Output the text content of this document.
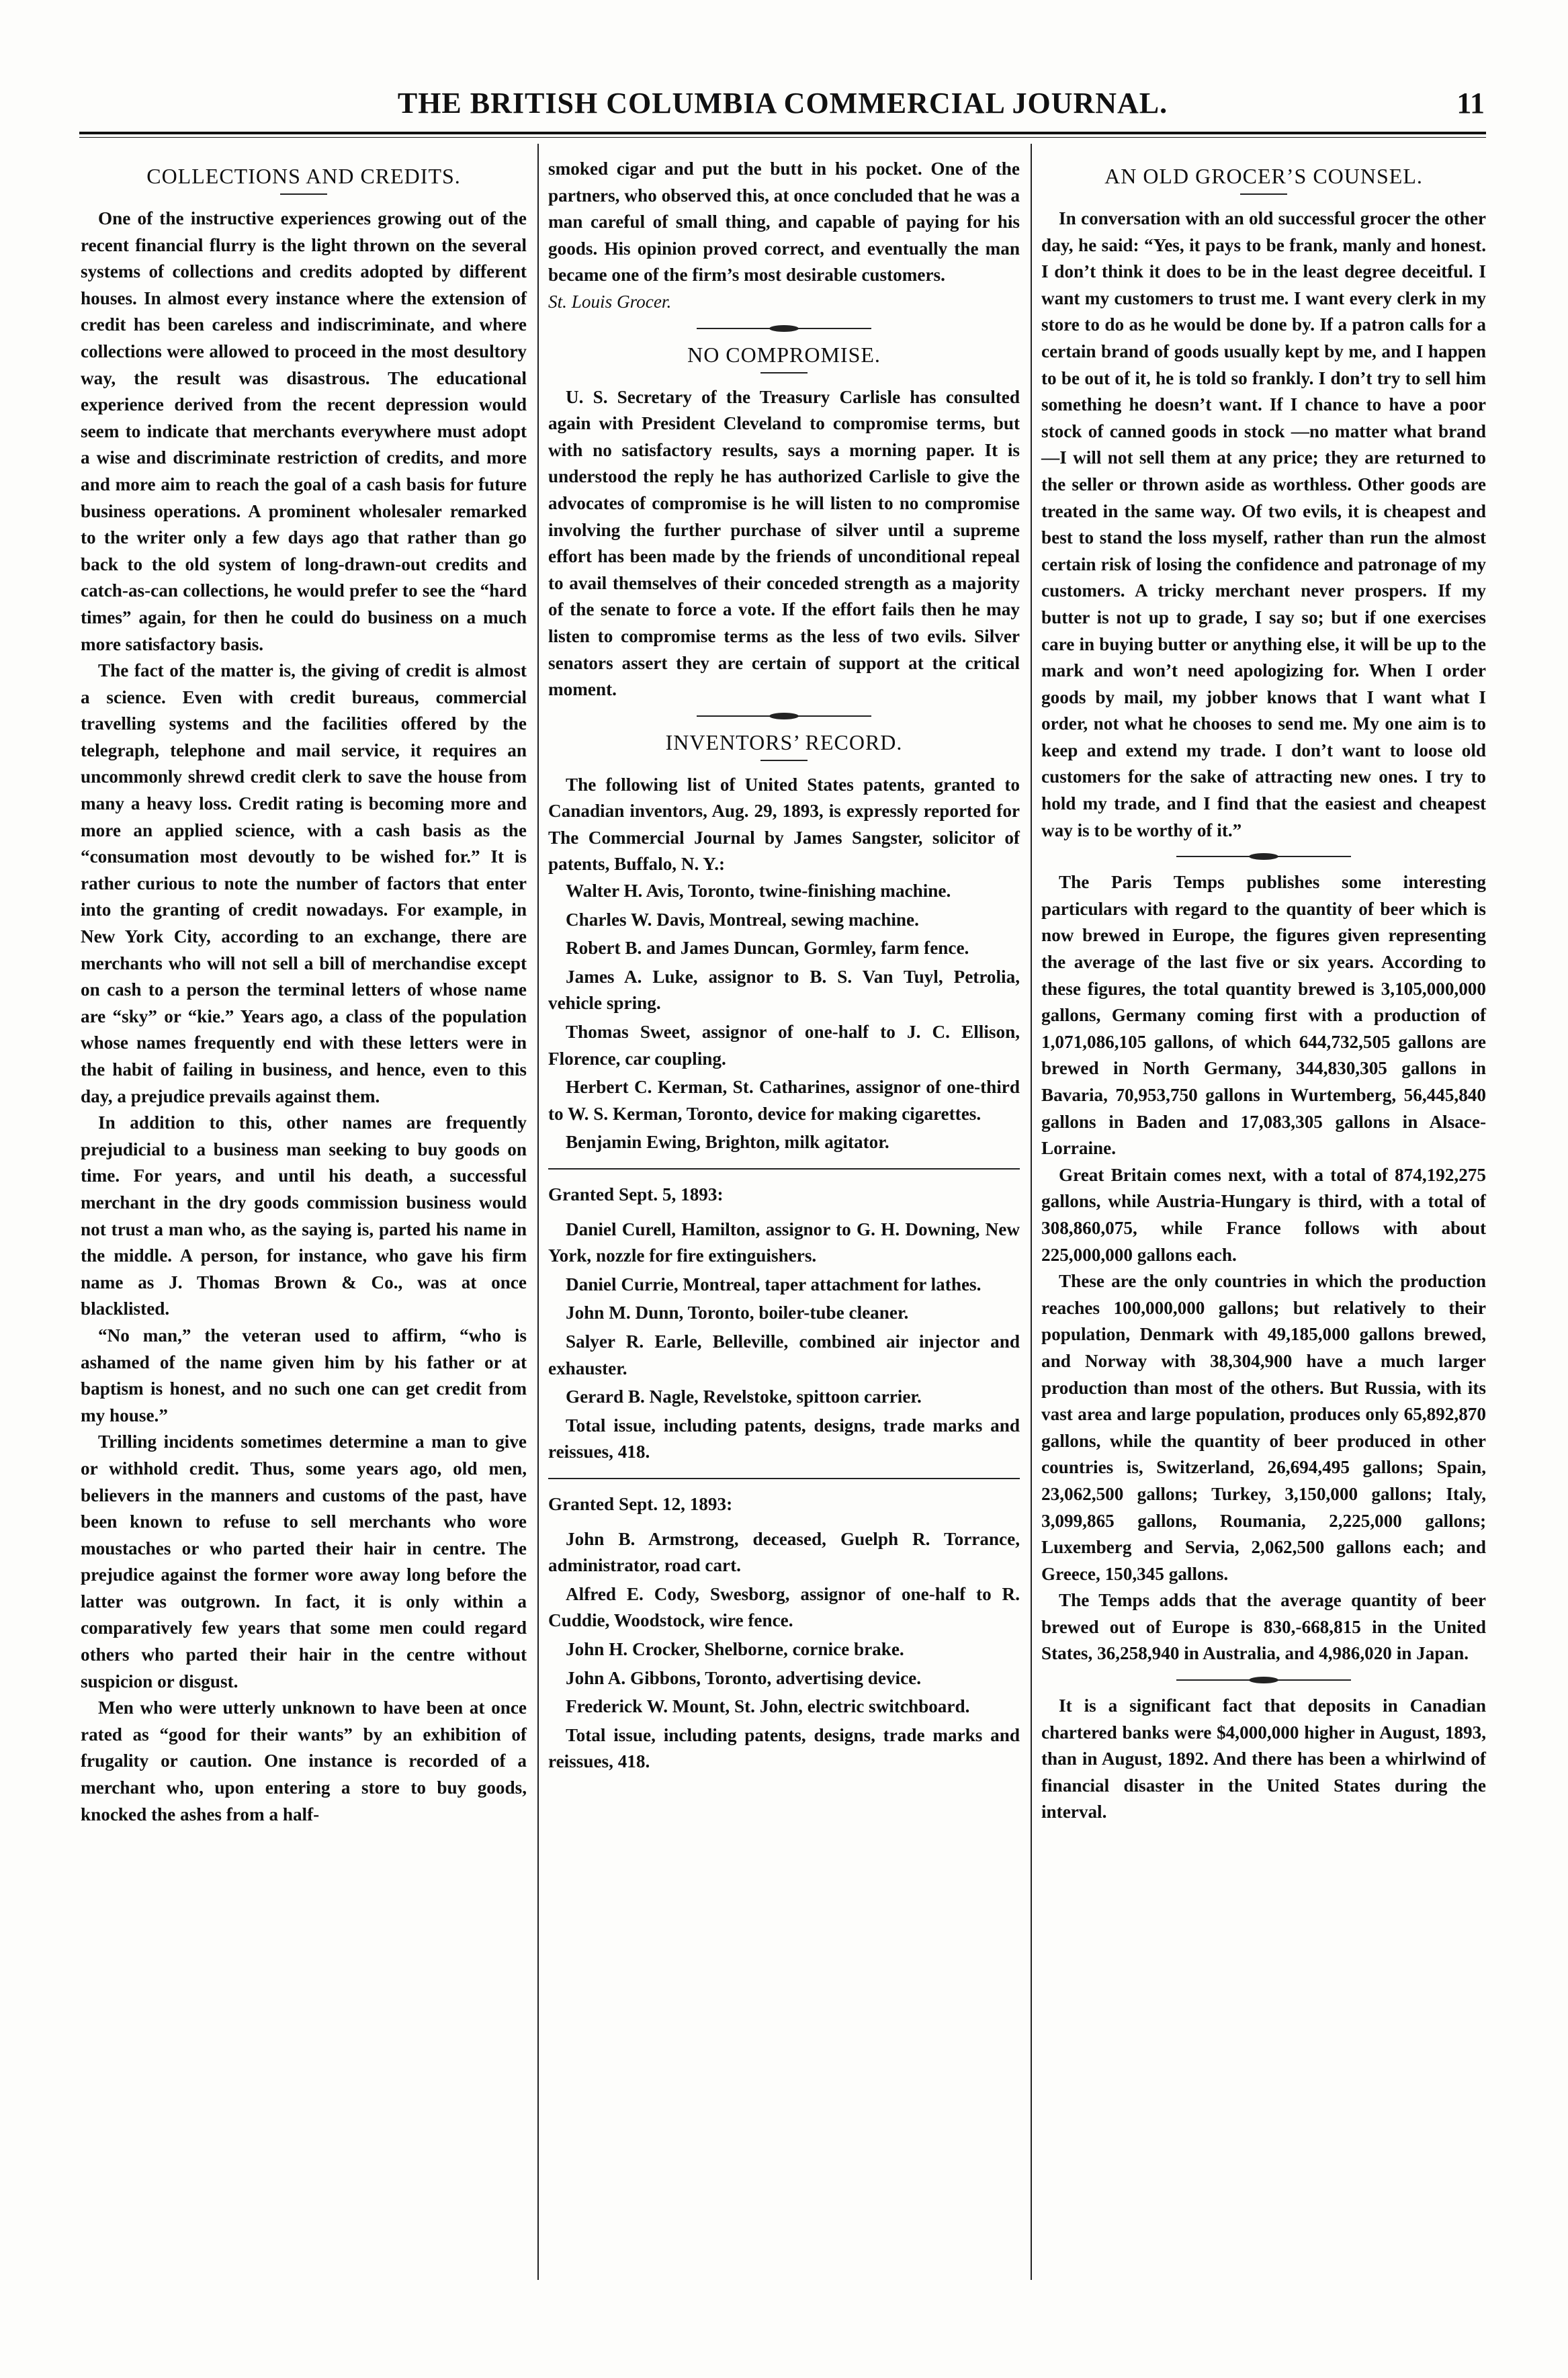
THE BRITISH COLUMBIA COMMERCIAL JOURNAL.	11
COLLECTIONS AND CREDITS.

One of the instructive experiences growing out of the recent financial flurry is the light thrown on the several systems of collections and credits adopted by different houses. In almost every instance where the extension of credit has been careless and indiscriminate, and where collections were allowed to proceed in the most desultory way, the result was disastrous. The educational experience derived from the recent depression would seem to indicate that merchants everywhere must adopt a wise and discriminate restriction of credits, and more and more aim to reach the goal of a cash basis for future business operations. A prominent wholesaler remarked to the writer only a few days ago that rather than go back to the old system of long-drawn-out credits and catch-as-can collections, he would prefer to see the “hard times” again, for then he could do business on a much more satisfactory basis.

The fact of the matter is, the giving of credit is almost a science. Even with credit bureaus, commercial travelling systems and the facilities offered by the telegraph, telephone and mail service, it requires an uncommonly shrewd credit clerk to save the house from many a heavy loss. Credit rating is becoming more and more an applied science, with a cash basis as the “consumation most devoutly to be wished for.” It is rather curious to note the number of factors that enter into the granting of credit nowadays. For example, in New York City, according to an exchange, there are merchants who will not sell a bill of merchandise except on cash to a person the terminal letters of whose name are “sky” or “kie.” Years ago, a class of the population whose names frequently end with these letters were in the habit of failing in business, and hence, even to this day, a prejudice prevails against them.

In addition to this, other names are frequently prejudicial to a business man seeking to buy goods on time. For years, and until his death, a successful merchant in the dry goods commission business would not trust a man who, as the saying is, parted his name in the middle. A person, for instance, who gave his firm name as J. Thomas Brown & Co., was at once blacklisted.

“No man,” the veteran used to affirm, “who is ashamed of the name given him by his father or at baptism is honest, and no such one can get credit from my house.”

Trilling incidents sometimes determine a man to give or withhold credit. Thus, some years ago, old men, believers in the manners and customs of the past, have been known to refuse to sell merchants who wore moustaches or who parted their hair in centre. The prejudice against the former wore away long before the latter was outgrown. In fact, it is only within a comparatively few years that some men could regard others who parted their hair in the centre without suspicion or disgust.

Men who were utterly unknown to have been at once rated as “good for their wants” by an exhibition of frugality or caution. One instance is recorded of a merchant who, upon entering a store to buy goods, knocked the ashes from a half-

smoked cigar and put the butt in his pocket. One of the partners, who observed this, at once concluded that he was a man careful of small thing, and capable of paying for his goods. His opinion proved correct, and eventually the man became one of the firm’s most desirable customers.

St. Louis Grocer.

NO COMPROMISE.

U. S. Secretary of the Treasury Carlisle has consulted again with President Cleveland to compromise terms, but with no satisfactory results, says a morning paper. It is understood the reply he has authorized Carlisle to give the advocates of compromise is he will listen to no compromise involving the further purchase of silver until a supreme effort has been made by the friends of unconditional repeal to avail themselves of their conceded strength as a majority of the senate to force a vote. If the effort fails then he may listen to compromise terms as the less of two evils. Silver senators assert they are certain of support at the critical moment.

INVENTORS’ RECORD.

The following list of United States patents, granted to Canadian inventors, Aug. 29, 1893, is expressly reported for The Commercial Journal by James Sangster, solicitor of patents, Buffalo, N. Y.:

Walter H. Avis, Toronto, twine-finishing machine.

Charles W. Davis, Montreal, sewing machine.

Robert B. and James Duncan, Gormley, farm fence.

James A. Luke, assignor to B. S. Van Tuyl, Petrolia, vehicle spring.

Thomas Sweet, assignor of one-half to J. C. Ellison, Florence, car coupling.

Herbert C. Kerman, St. Catharines, assignor of one-third to W. S. Kerman, Toronto, device for making cigarettes.

Benjamin Ewing, Brighton, milk agitator.

Granted Sept. 5, 1893:

Daniel Curell, Hamilton, assignor to G. H. Downing, New York, nozzle for fire extinguishers.

Daniel Currie, Montreal, taper attachment for lathes.

John M. Dunn, Toronto, boiler-tube cleaner.

Salyer R. Earle, Belleville, combined air injector and exhauster.

Gerard B. Nagle, Revelstoke, spittoon carrier.

Total issue, including patents, designs, trade marks and reissues, 418.

Granted Sept. 12, 1893:

John B. Armstrong, deceased, Guelph R. Torrance, administrator, road cart.

Alfred E. Cody, Swesborg, assignor of one-half to R. Cuddie, Woodstock, wire fence.

John H. Crocker, Shelborne, cornice brake.

John A. Gibbons, Toronto, advertising device.

Frederick W. Mount, St. John, electric switchboard.

Total issue, including patents, designs, trade marks and reissues, 418.

AN OLD GROCER’S COUNSEL.

In conversation with an old successful grocer the other day, he said: “Yes, it pays to be frank, manly and honest. I don’t think it does to be in the least degree deceitful. I want my customers to trust me. I want every clerk in my store to do as he would be done by. If a patron calls for a certain brand of goods usually kept by me, and I happen to be out of it, he is told so frankly. I don’t try to sell him something he doesn’t want. If I chance to have a poor stock of canned goods in stock —no matter what brand—I will not sell them at any price; they are returned to the seller or thrown aside as worthless. Other goods are treated in the same way. Of two evils, it is cheapest and best to stand the loss myself, rather than run the almost certain risk of losing the confidence and patronage of my customers. A tricky merchant never prospers. If my butter is not up to grade, I say so; but if one exercises care in buying butter or anything else, it will be up to the mark and won’t need apologizing for. When I order goods by mail, my jobber knows that I want what I order, not what he chooses to send me. My one aim is to keep and extend my trade. I don’t want to loose old customers for the sake of attracting new ones. I try to hold my trade, and I find that the easiest and cheapest way is to be worthy of it.”

The Paris Temps publishes some interesting particulars with regard to the quantity of beer which is now brewed in Europe, the figures given representing the average of the last five or six years. According to these figures, the total quantity brewed is 3,105,000,000 gallons, Germany coming first with a production of 1,071,086,105 gallons, of which 644,732,505 gallons are brewed in North Germany, 344,830,305 gallons in Bavaria, 70,953,750 gallons in Wurtemberg, 56,445,840 gallons in Baden and 17,083,305 gallons in Alsace-Lorraine.

Great Britain comes next, with a total of 874,192,275 gallons, while Austria-Hungary is third, with a total of 308,860,075, while France follows with about 225,000,000 gallons each.

These are the only countries in which the production reaches 100,000,000 gallons; but relatively to their population, Denmark with 49,185,000 gallons brewed, and Norway with 38,304,900 have a much larger production than most of the others. But Russia, with its vast area and large population, produces only 65,892,870 gallons, while the quantity of beer produced in other countries is, Switzerland, 26,694,495 gallons; Spain, 23,062,500 gallons; Turkey, 3,150,000 gallons; Italy, 3,099,865 gallons, Roumania, 2,225,000 gallons; Luxemberg and Servia, 2,062,500 gallons each; and Greece, 150,345 gallons.

The Temps adds that the average quantity of beer brewed out of Europe is 830,-668,815 in the United States, 36,258,940 in Australia, and 4,986,020 in Japan.

It is a significant fact that deposits in Canadian chartered banks were $4,000,000 higher in August, 1893, than in August, 1892. And there has been a whirlwind of financial disaster in the United States during the interval.
